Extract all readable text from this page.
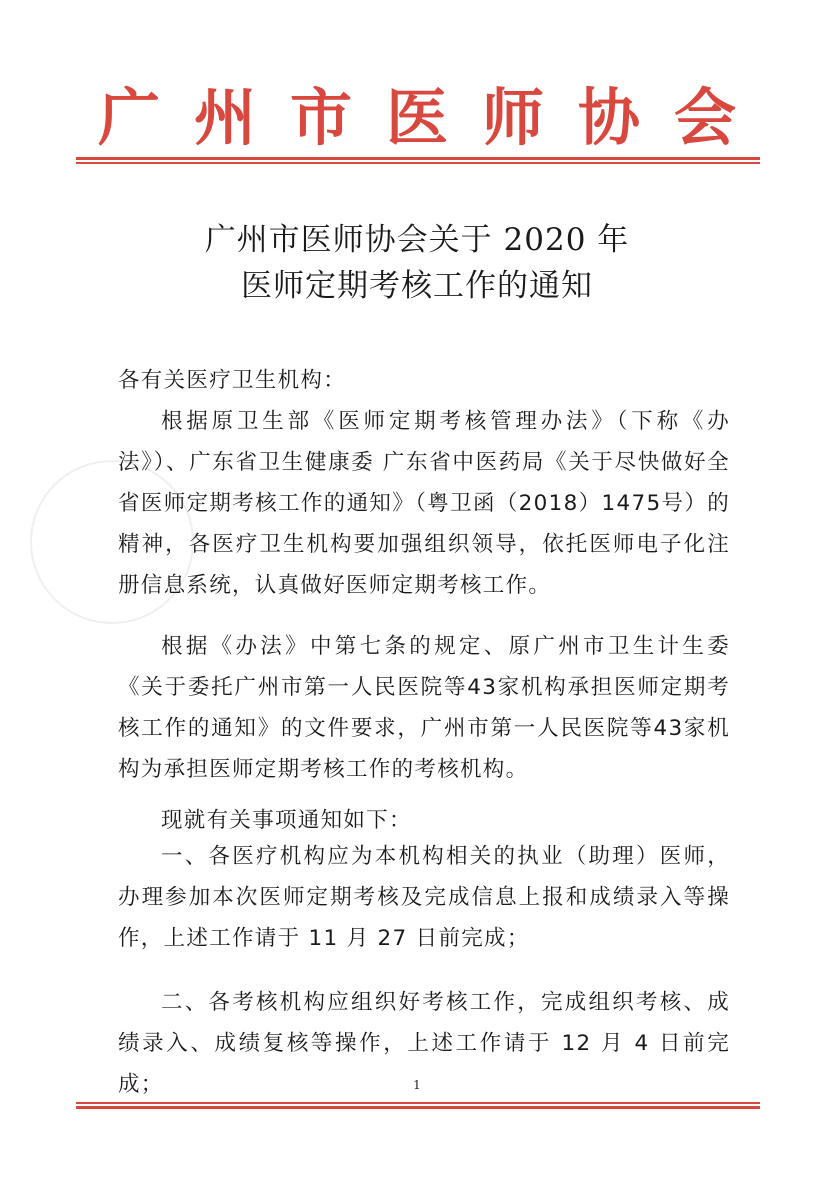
广州市医师协会
广州市医师协会关于 2020 年
医师定期考核工作的通知
各有关医疗卫生机构：

根据原卫生部《医师定期考核管理办法》（下称《办法》）、广东省卫生健康委 广东省中医药局《关于尽快做好全省医师定期考核工作的通知》（粤卫函（2018）1475号）的精神，各医疗卫生机构要加强组织领导，依托医师电子化注册信息系统，认真做好医师定期考核工作。

根据《办法》中第七条的规定、原广州市卫生计生委《关于委托广州市第一人民医院等43家机构承担医师定期考核工作的通知》的文件要求，广州市第一人民医院等43家机构为承担医师定期考核工作的考核机构。

现就有关事项通知如下：

一、各医疗机构应为本机构相关的执业（助理）医师，办理参加本次医师定期考核及完成信息上报和成绩录入等操作，上述工作请于 11 月 27 日前完成；

二、各考核机构应组织好考核工作，完成组织考核、成绩录入、成绩复核等操作，上述工作请于 12 月 4 日前完成；	1
